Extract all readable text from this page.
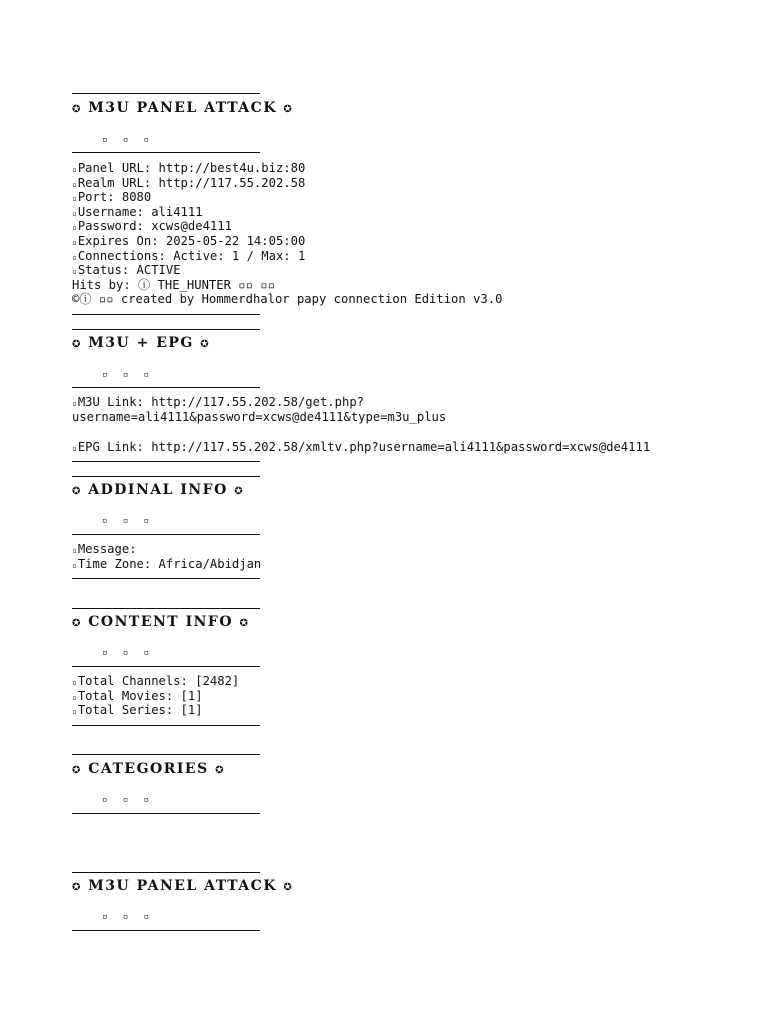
✪ M3U PANEL ATTACK ✪
▫ ▫ ▫
▫Panel URL: http://best4u.biz:80
▫Realm URL: http://117.55.202.58
▫Port: 8080
▫Username: ali4111
▫Password: xcws@de4111
▫Expires On: 2025-05-22 14:05:00
▫Connections: Active: 1 / Max: 1
▫Status: ACTIVE
Hits by: ⓘ THE_HUNTER ▫▫ ▫▫
©ⓘ ▫▫ created by Hommerdhalor papy connection Edition v3.0
✪ M3U + EPG ✪
▫ ▫ ▫
▫M3U Link: http://117.55.202.58/get.php?
username=ali4111&password=xcws@de4111&type=m3u_plus
▫EPG Link: http://117.55.202.58/xmltv.php?username=ali4111&password=xcws@de4111
✪ ADDINAL INFO ✪
▫ ▫ ▫
▫Message:
▫Time Zone: Africa/Abidjan
✪ CONTENT INFO ✪
▫ ▫ ▫
▫Total Channels: [2482]
▫Total Movies: [1]
▫Total Series: [1]
✪ CATEGORIES ✪
▫ ▫ ▫
✪ M3U PANEL ATTACK ✪
▫ ▫ ▫
